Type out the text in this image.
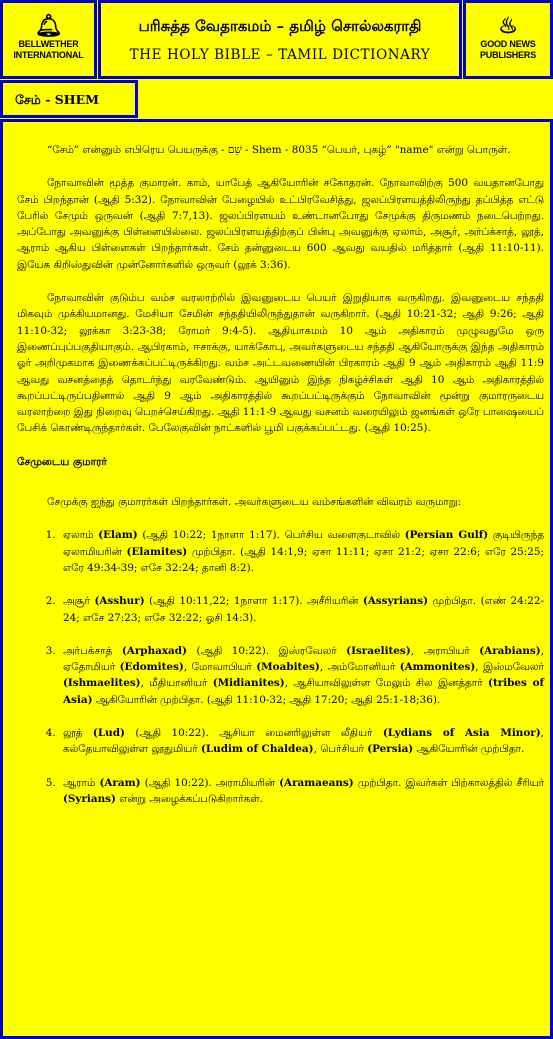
🔔︎
BELLWETHER
INTERNATIONAL
பரிசுத்த வேதாகமம் – தமிழ் சொல்லகராதி
THE HOLY BIBLE – TAMIL DICTIONARY
♨
GOOD NEWS
PUBLISHERS
சேம் - SHEM

“சேம்” என்னும் எபிரெய பெயருக்கு - שֵׁם - Shem - 8035 “பெயர், புகழ்” "name" என்று பொருள்.

நோவாவின் மூத்த குமாரன். காம், யாபேத் ஆகியோரின் சகோதரன். நோவாவிற்கு 500 வயதானபோது சேம் பிறந்தான் (ஆதி 5:32). நோவாவின் பேழையில் உட்பிரவேசித்து, ஜலப்பிரளயத்திலிருந்து தப்பித்த எட்டு பேரில் சேமும் ஒருவன் (ஆதி 7:7,13). ஜலப்பிரளயம் உண்டானபோது சேமுக்கு திருமணம் நடைபெற்றது. அப்போது அவனுக்கு பிள்ளையில்லை. ஜலப்பிரளயத்திற்குப் பின்பு அவனுக்கு ஏலாம், அசூர், அர்ப்க்சாத், லூத், ஆராம் ஆகிய பிள்ளைகள் பிறந்தார்கள். சேம் தன்னுடைய 600 ஆவது வயதில் மரித்தார் (ஆதி 11:10-11). இயேசு கிறிஸ்துவின் முன்னோர்களில் ஒருவர் (லூக் 3:36).

நோவாவின் குடும்ப வம்ச வரலாற்றில் இவனுடைய பெயர் இறுதியாக வருகிறது. இவனுடைய சந்ததி மிகவும் முக்கியமானது. மேசியா சேமின் சந்ததியிலிருந்துதான் வருகிறார். (ஆதி 10:21-32; ஆதி 9:26; ஆதி 11:10-32; லூக்கா 3:23-38; ரோமர் 9:4-5). ஆதியாகமம் 10 ஆம் அதிகாரம் முழுவதுமே ஒரு இணைப்புப்பகுதியாகும். ஆபிரகாம், ஈசாக்கு, யாக்கோபு, அவர்களுடைய சந்ததி ஆகியோருக்கு இந்த அதிகாரம் ஓர் அறிமுகமாக இணைக்கப்பட்டிருக்கிறது. வம்ச அட்டவணையின் பிரகாரம் ஆதி 9 ஆம் அதிகாரம் ஆதி 11:9 ஆவது வசனத்தைத் தொடர்ந்து வரவேண்டும். ஆயினும் இந்த நிகழ்ச்சிகள் ஆதி 10 ஆம் அதிகாரத்தில் கூறப்பட்டிருப்பதினால் ஆதி 9 ஆம் அதிகாரத்தில் கூறப்பட்டிருக்கும் நோவாவின் மூன்று குமாரருடைய வரலாற்றை இது நிறைவு பெறச்செய்கிறது. ஆதி 11:1-9 ஆவது வசனம் வரையிலும் ஜனங்கள் ஒரே பாஷையைப் பேசிக் கொண்டிருந்தார்கள். பேலேகுவின் நாட்களில் பூமி பகுக்கப்பட்டது. (ஆதி 10:25).

சேமுடைய குமாரர்

சேமுக்கு ஐந்து குமாரர்கள் பிறந்தார்கள். அவர்களுடைய வம்சங்களின் விவரம் வருமாறு:

1. ஏலாம் (Elam) (ஆதி 10:22; 1நாளா 1:17). பெர்சிய வளைகுடாவில் (Persian Gulf) குடியிருந்த ஏலாமியரின் (Elamites) முற்பிதா. (ஆதி 14:1,9; ஏசா 11:11; ஏசா 21:2; ஏசா 22:6; எரே 25:25; எரே 49:34-39; எசே 32:24; தானி 8:2).
2. அசூர் (Asshur) (ஆதி 10:11,22; 1நாளா 1:17). அசீரியரின் (Assyrians) முற்பிதா. (எண் 24:22-24; எசே 27:23; எசே 32:22; ஓசி 14:3).
3. அர்பக்சாத் (Arphaxad) (ஆதி 10:22). இஸ்ரவேலர் (Israelites), அராபியர் (Arabians), ஏதோமியர் (Edomites), மோவாபியர் (Moabites), அம்மோனியர் (Ammonites), இஸ்மவேலர் (Ishmaelites), மீதியானியர் (Midianites), ஆசியாவிலுள்ள மேலும் சில இனத்தார் (tribes of Asia) ஆகியோரின் முற்பிதா. (ஆதி 11:10-32; ஆதி 17:20; ஆதி 25:1-18;36).
4. லூத் (Lud) (ஆதி 10:22). ஆசியா மைனரிலுள்ள லீதியர் (Lydians of Asia Minor), கல்தேயாவிலுள்ள லூதுமியர் (Ludim of Chaldea), பெர்சியர் (Persia) ஆகியோரின் முற்பிதா.
5. ஆராம் (Aram) (ஆதி 10:22). அராமியரின் (Aramaeans) முற்பிதா. இவர்கள் பிற்காலத்தில் சீரியர் (Syrians) என்று அழைக்கப்படுகிறார்கள்.
